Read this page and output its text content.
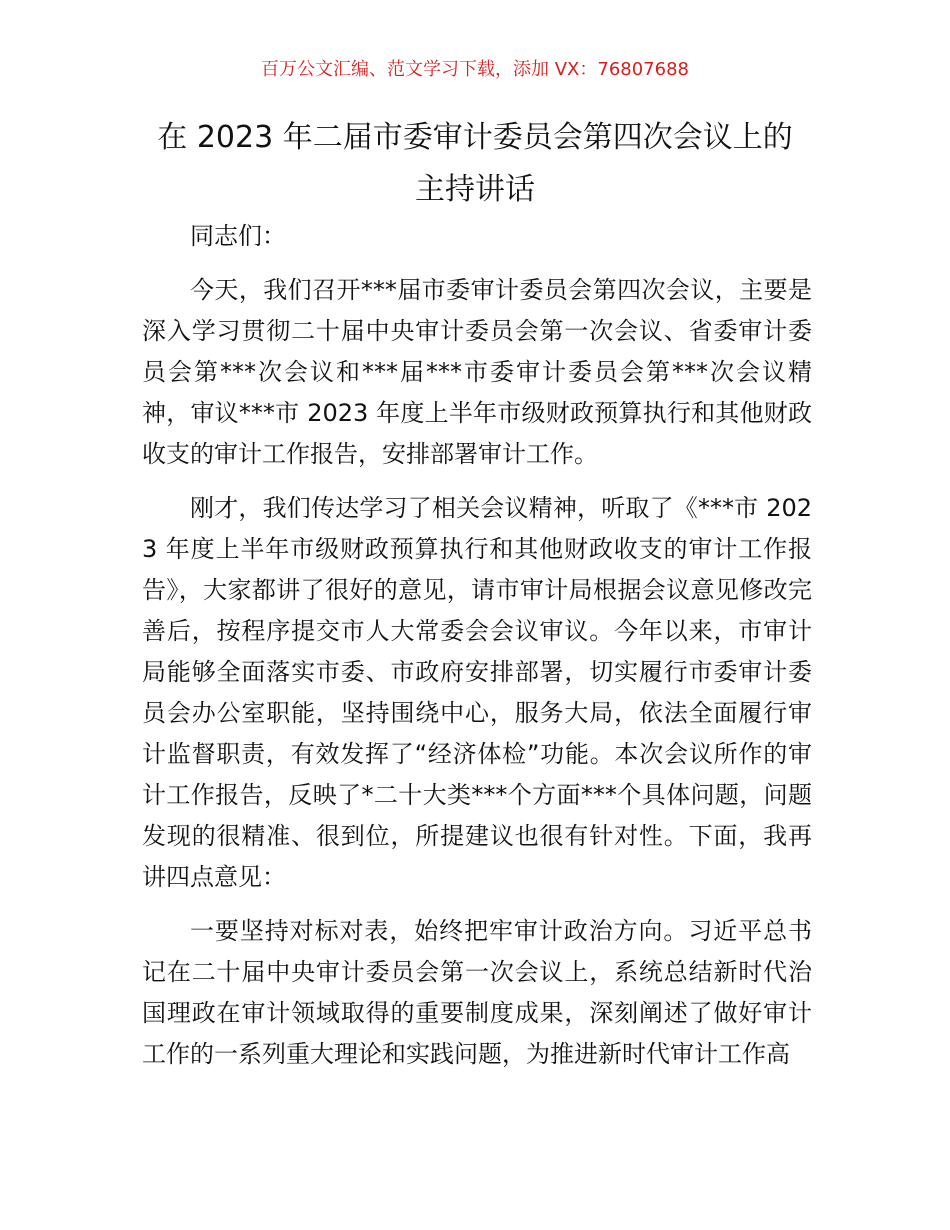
百万公文汇编、范文学习下载，添加 VX：76807688
在 2023 年二届市委审计委员会第四次会议上的
主持讲话

同志们：

今天，我们召开***届市委审计委员会第四次会议，主要是深入学习贯彻二十届中央审计委员会第一次会议、省委审计委员会第***次会议和***届***市委审计委员会第***次会议精神，审议***市 2023 年度上半年市级财政预算执行和其他财政收支的审计工作报告，安排部署审计工作。

刚才，我们传达学习了相关会议精神，听取了《***市 2023 年度上半年市级财政预算执行和其他财政收支的审计工作报告》，大家都讲了很好的意见，请市审计局根据会议意见修改完善后，按程序提交市人大常委会会议审议。今年以来，市审计局能够全面落实市委、市政府安排部署，切实履行市委审计委员会办公室职能，坚持围绕中心，服务大局，依法全面履行审计监督职责，有效发挥了“经济体检”功能。本次会议所作的审计工作报告，反映了*二十大类***个方面***个具体问题，问题发现的很精准、很到位，所提建议也很有针对性。下面，我再讲四点意见：

一要坚持对标对表，始终把牢审计政治方向。习近平总书记在二十届中央审计委员会第一次会议上，系统总结新时代治国理政在审计领域取得的重要制度成果，深刻阐述了做好审计工作的一系列重大理论和实践问题，为推进新时代审计工作高
